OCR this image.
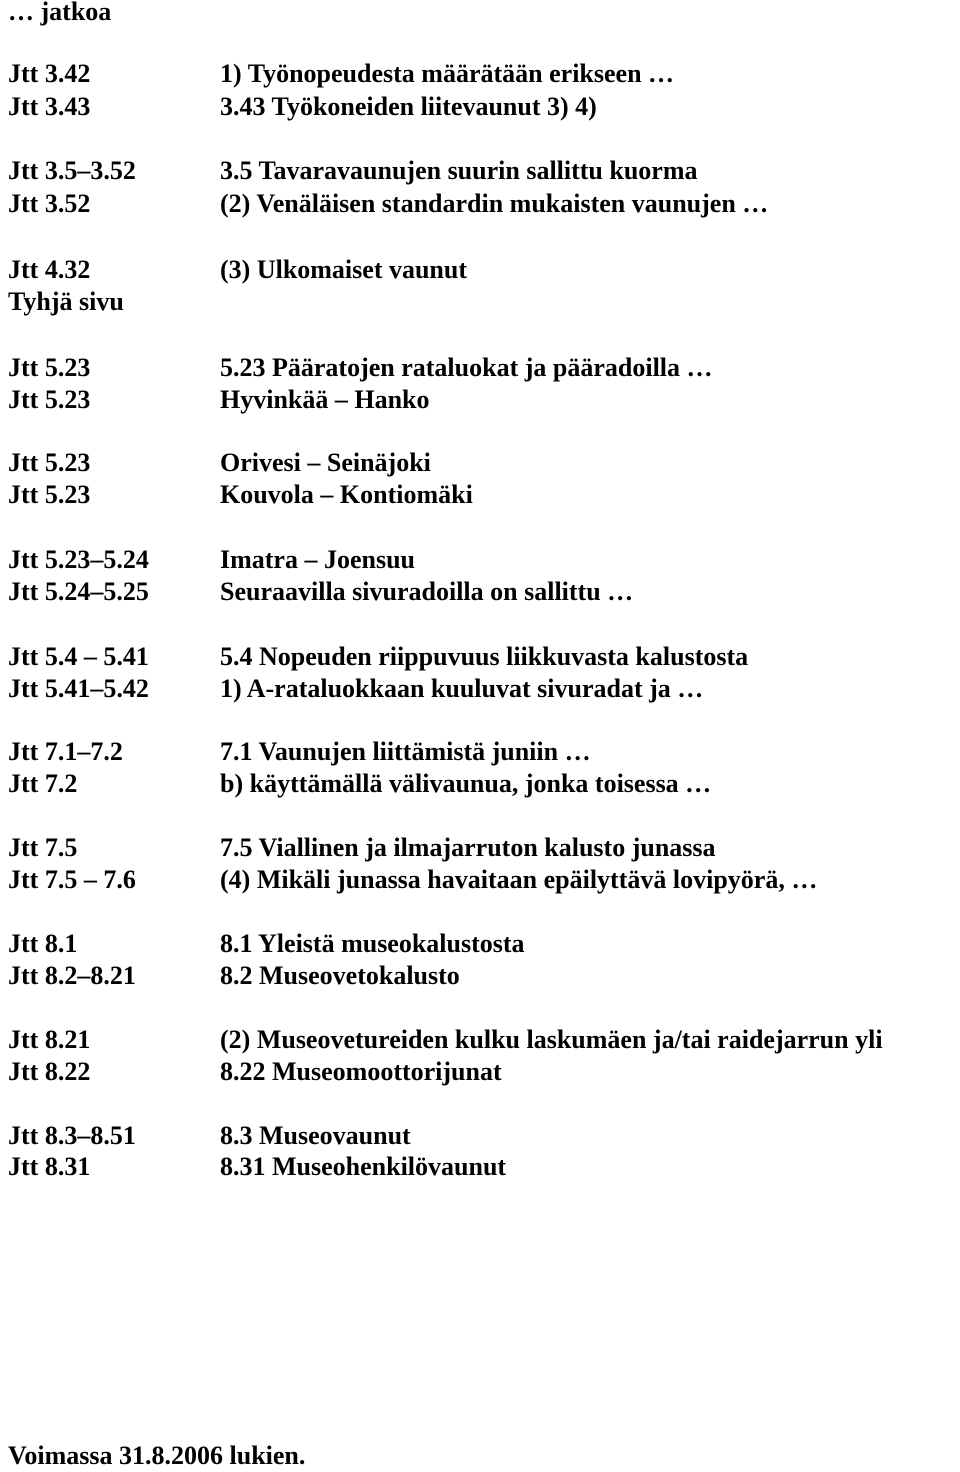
… jatkoa
Jtt 3.42	1) Työnopeudesta määrätään erikseen …
Jtt 3.43	3.43 Työkoneiden liitevaunut 3) 4)
Jtt 3.5–3.52	3.5 Tavaravaunujen suurin sallittu kuorma
Jtt 3.52	(2) Venäläisen standardin mukaisten vaunujen …
Jtt 4.32	(3) Ulkomaiset vaunut
Tyhjä sivu
Jtt 5.23	5.23 Pääratojen rataluokat ja pääradoilla …
Jtt 5.23	Hyvinkää – Hanko
Jtt 5.23	Orivesi – Seinäjoki
Jtt 5.23	Kouvola – Kontiomäki
Jtt 5.23–5.24	Imatra – Joensuu
Jtt 5.24–5.25	Seuraavilla sivuradoilla on sallittu …
Jtt 5.4 – 5.41	5.4 Nopeuden riippuvuus liikkuvasta kalustosta
Jtt 5.41–5.42	1) A-rataluokkaan kuuluvat sivuradat ja …
Jtt 7.1–7.2	7.1 Vaunujen liittämistä juniin …
Jtt 7.2	b) käyttämällä välivaunua, jonka toisessa …
Jtt 7.5	7.5 Viallinen ja ilmajarruton kalusto junassa
Jtt 7.5 – 7.6	(4) Mikäli junassa havaitaan epäilyttävä lovipyörä, …
Jtt 8.1	8.1 Yleistä museokalustosta
Jtt 8.2–8.21	8.2 Museovetokalusto
Jtt 8.21	(2) Museovetureiden kulku laskumäen ja/tai raidejarrun yli
Jtt 8.22	8.22 Museomoottorijunat
Jtt 8.3–8.51	8.3 Museovaunut
Jtt 8.31	8.31 Museohenkilövaunut
Voimassa 31.8.2006 lukien.
